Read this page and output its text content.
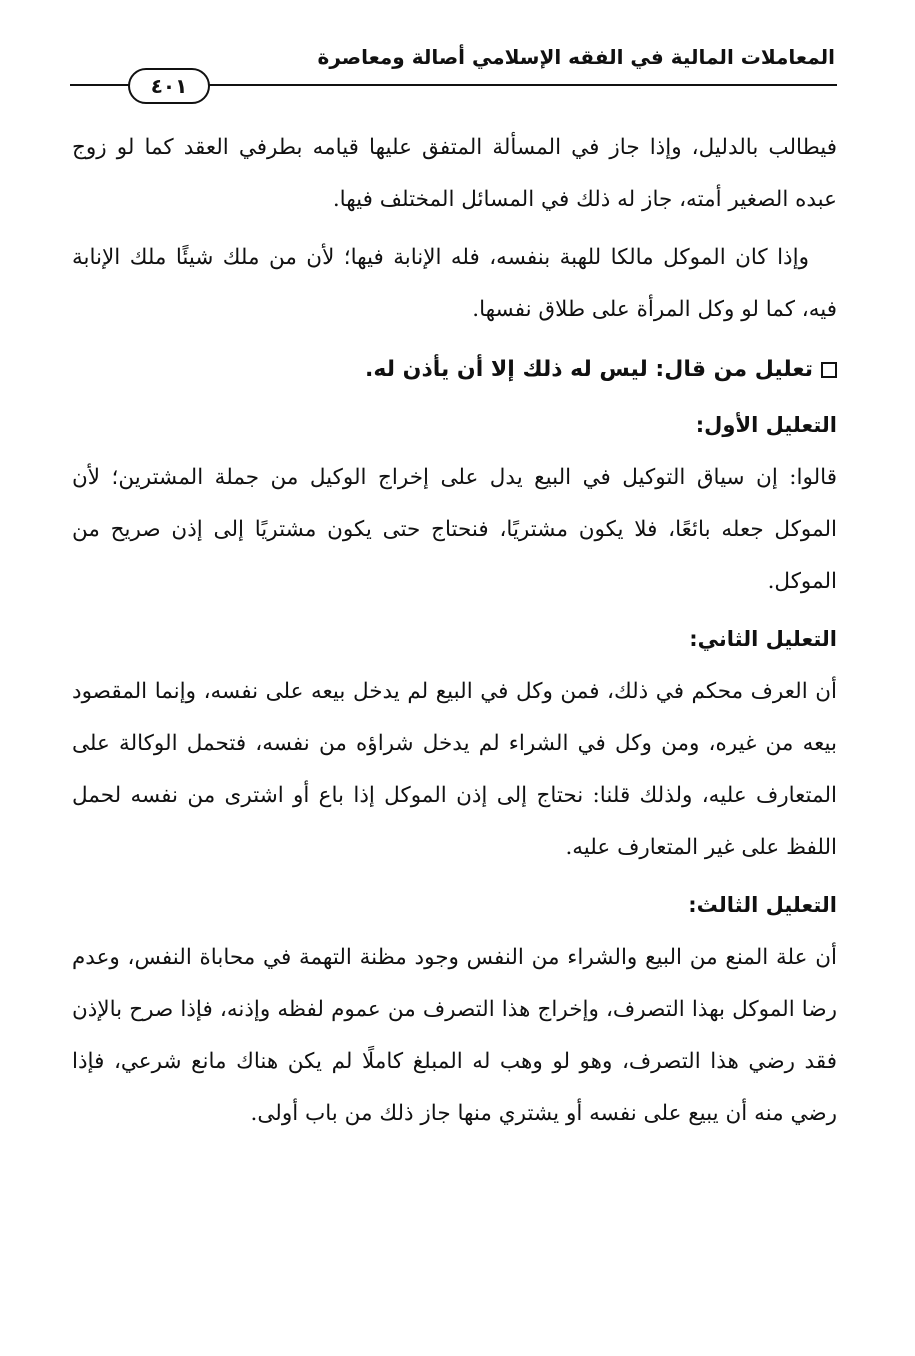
المعاملات المالية في الفقه الإسلامي أصالة ومعاصرة
٤٠١

فيطالب بالدليل، وإذا جاز في المسألة المتفق عليها قيامه بطرفي العقد كما لو زوج عبده الصغير أمته، جاز له ذلك في المسائل المختلف فيها.

وإذا كان الموكل مالكا للهبة بنفسه، فله الإنابة فيها؛ لأن من ملك شيئًا ملك الإنابة فيه، كما لو وكل المرأة على طلاق نفسها.

تعليل من قال: ليس له ذلك إلا أن يأذن له.
التعليل الأول:

قالوا: إن سياق التوكيل في البيع يدل على إخراج الوكيل من جملة المشترين؛ لأن الموكل جعله بائعًا، فلا يكون مشتريًا، فنحتاج حتى يكون مشتريًا إلى إذن صريح من الموكل.

التعليل الثاني:

أن العرف محكم في ذلك، فمن وكل في البيع لم يدخل بيعه على نفسه، وإنما المقصود بيعه من غيره، ومن وكل في الشراء لم يدخل شراؤه من نفسه، فتحمل الوكالة على المتعارف عليه، ولذلك قلنا: نحتاج إلى إذن الموكل إذا باع أو اشترى من نفسه لحمل اللفظ على غير المتعارف عليه.

التعليل الثالث:

أن علة المنع من البيع والشراء من النفس وجود مظنة التهمة في محاباة النفس، وعدم رضا الموكل بهذا التصرف، وإخراج هذا التصرف من عموم لفظه وإذنه، فإذا صرح بالإذن فقد رضي هذا التصرف، وهو لو وهب له المبلغ كاملًا لم يكن هناك مانع شرعي، فإذا رضي منه أن يبيع على نفسه أو يشتري منها جاز ذلك من باب أولى.
